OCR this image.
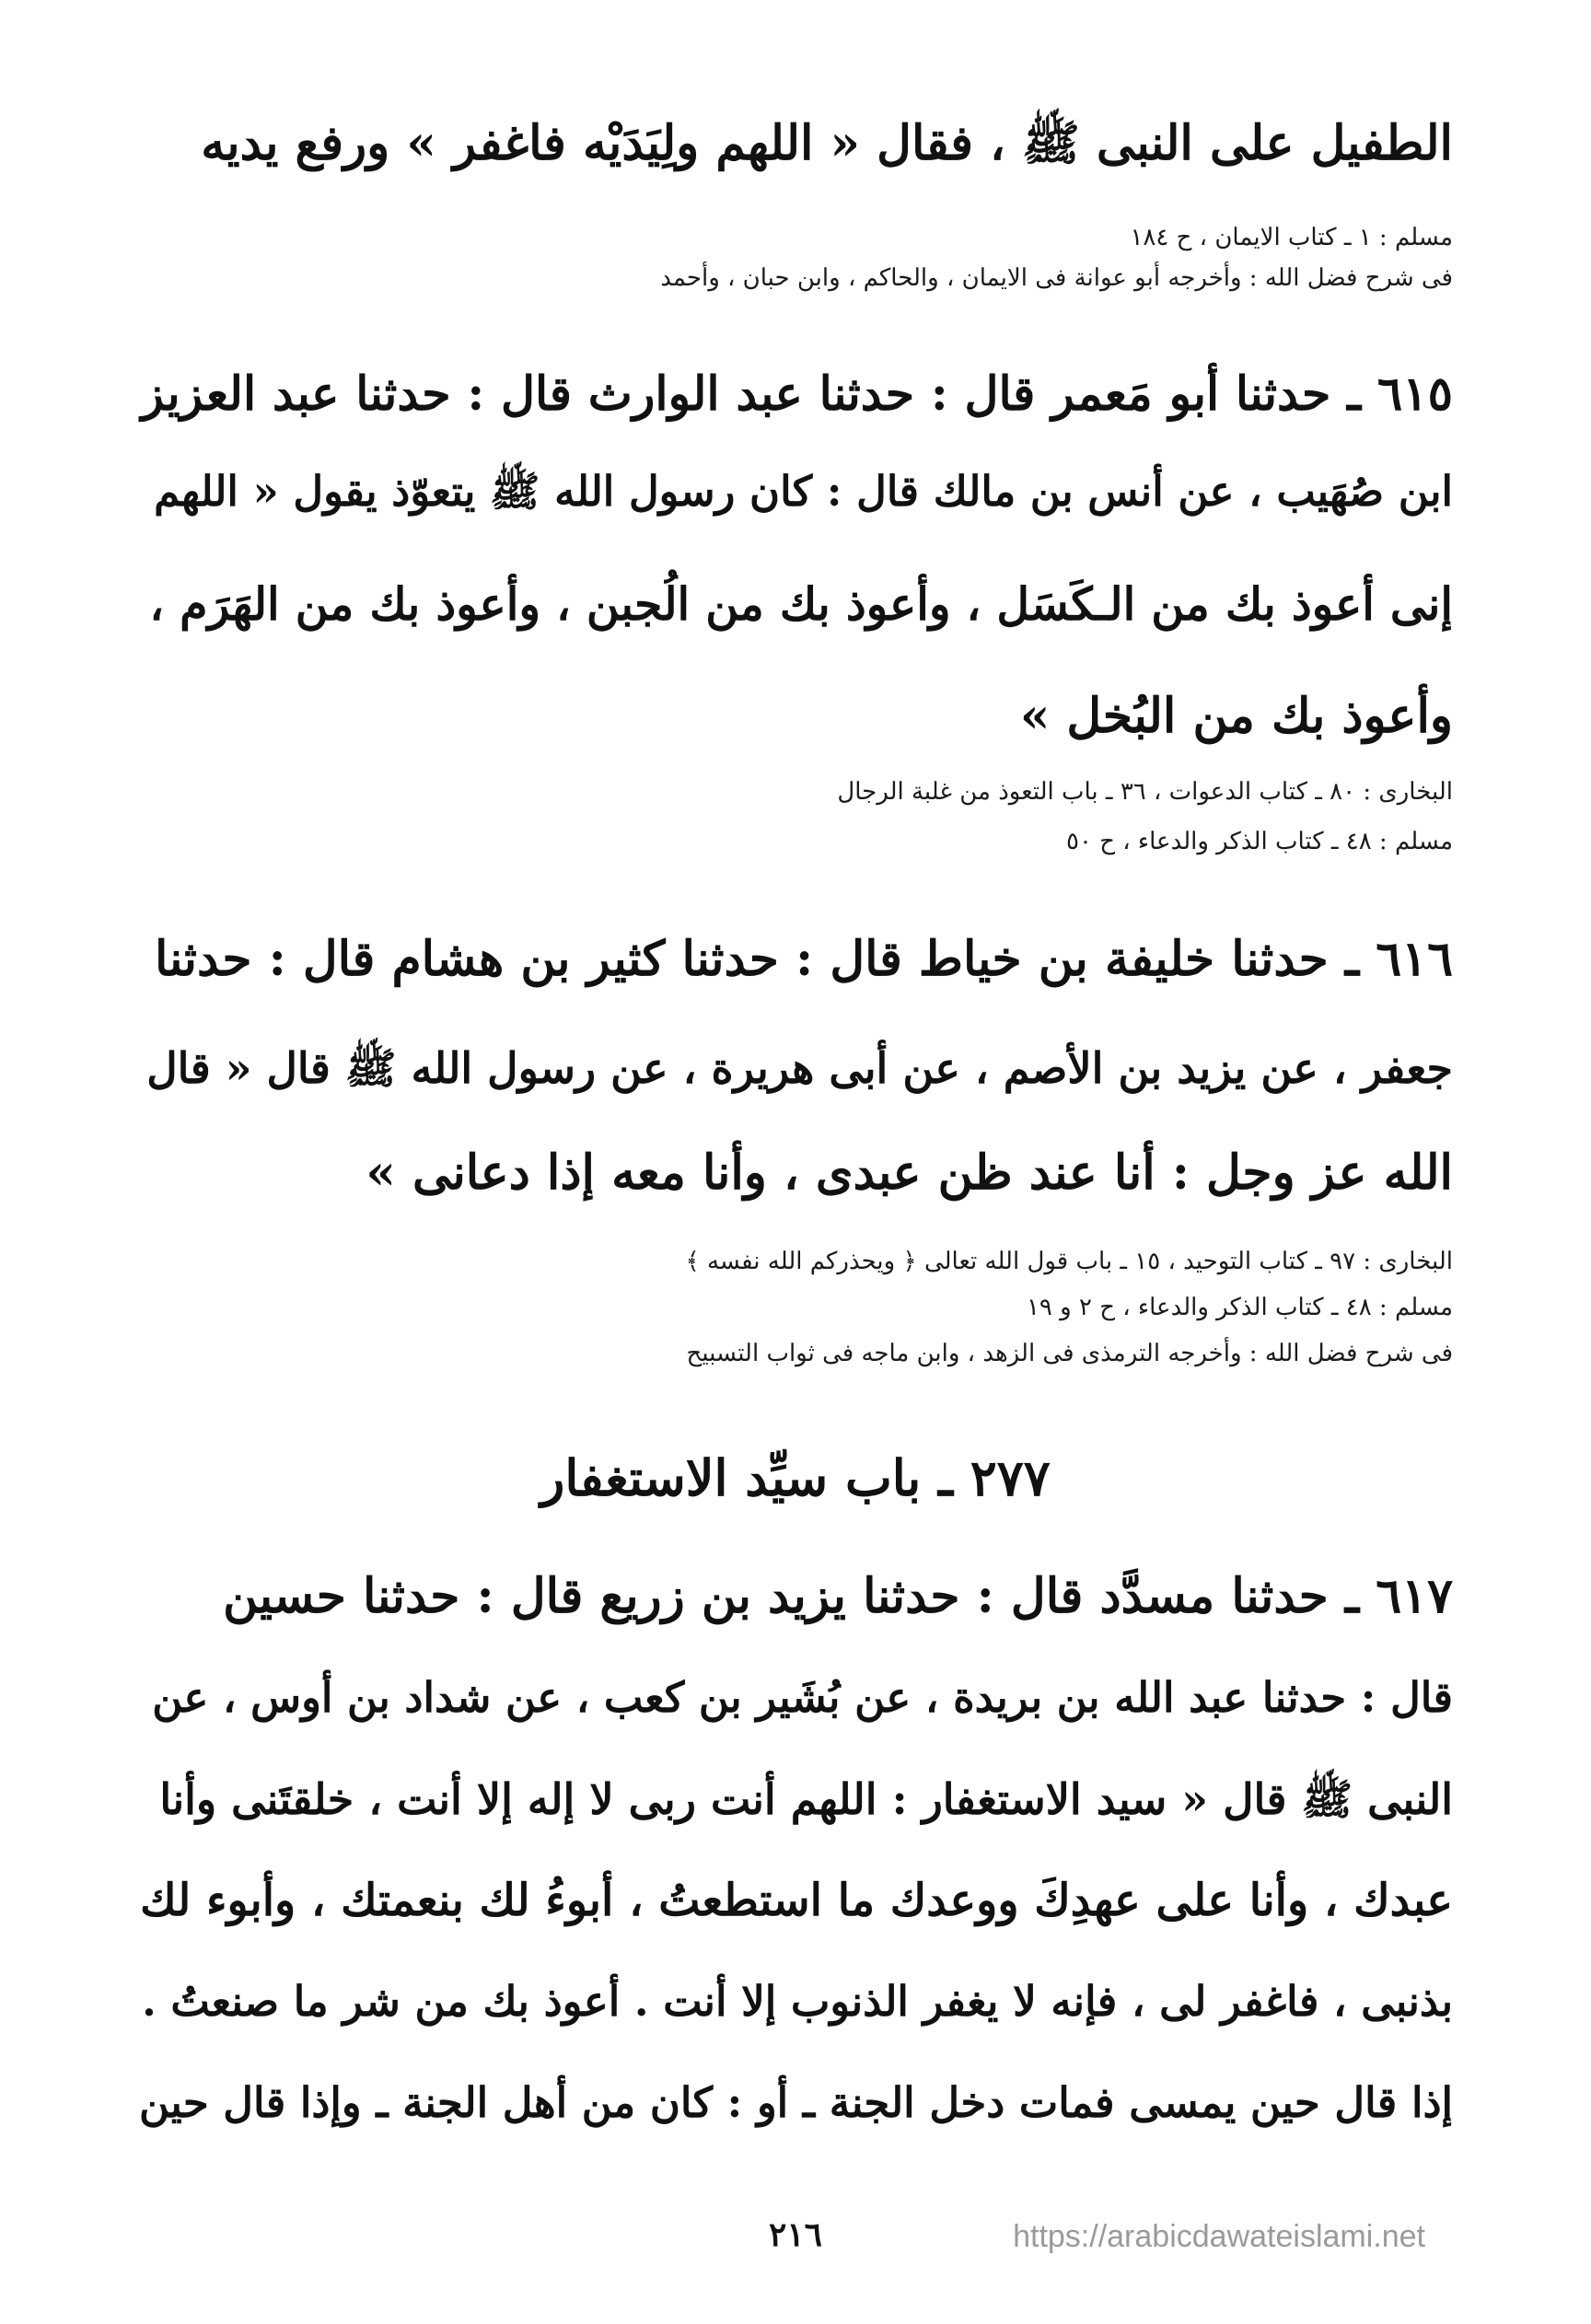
الطفيل على النبى ﷺ ، فقال « اللهم ولِيَدَيْه فاغفر » ورفع يديه
مسلم : ١ ـ كتاب الايمان ، ح ١٨٤
فى شرح فضل الله : وأخرجه أبو عوانة فى الايمان ، والحاكم ، وابن حبان ، وأحمد
٦١٥ ـ حدثنا أبو مَعمر قال : حدثنا عبد الوارث قال : حدثنا عبد العزيز
ابن صُهَيب ، عن أنس بن مالك قال : كان رسول الله ﷺ يتعوّذ يقول « اللهم
إنى أعوذ بك من الـكَسَل ، وأعوذ بك من الُجبن ، وأعوذ بك من الهَرَم ،
وأعوذ بك من البُخل »
البخارى : ٨٠ ـ كتاب الدعوات ، ٣٦ ـ باب التعوذ من غلبة الرجال
مسلم : ٤٨ ـ كتاب الذكر والدعاء ، ح ٥٠
٦١٦ ـ حدثنا خليفة بن خياط قال : حدثنا كثير بن هشام قال : حدثنا
جعفر ، عن يزيد بن الأصم ، عن أبى هريرة ، عن رسول الله ﷺ قال « قال
الله عز وجل : أنا عند ظن عبدى ، وأنا معه إذا دعانى »
البخارى : ٩٧ ـ كتاب التوحيد ، ١٥ ـ باب قول الله تعالى ﴿ ويحذركم الله نفسه ﴾
مسلم : ٤٨ ـ كتاب الذكر والدعاء ، ح ٢ و ١٩
فى شرح فضل الله : وأخرجه الترمذى فى الزهد ، وابن ماجه فى ثواب التسبيح
٢٧٧ ـ باب سيِّد الاستغفار
٦١٧ ـ حدثنا مسدَّد قال : حدثنا يزيد بن زريع قال : حدثنا حسين
قال : حدثنا عبد الله بن بريدة ، عن بُشَير بن كعب ، عن شداد بن أوس ، عن
النبى ﷺ قال « سيد الاستغفار : اللهم أنت ربى لا إله إلا أنت ، خلقتَنى وأنا
عبدك ، وأنا على عهدِكَ ووعدك ما استطعتُ ، أبوءُ لك بنعمتك ، وأبوء لك
بذنبى ، فاغفر لى ، فإنه لا يغفر الذنوب إلا أنت . أعوذ بك من شر ما صنعتُ .
إذا قال حين يمسى فمات دخل الجنة ـ أو : كان من أهل الجنة ـ وإذا قال حين
٢١٦	https://arabicdawateislami.net
